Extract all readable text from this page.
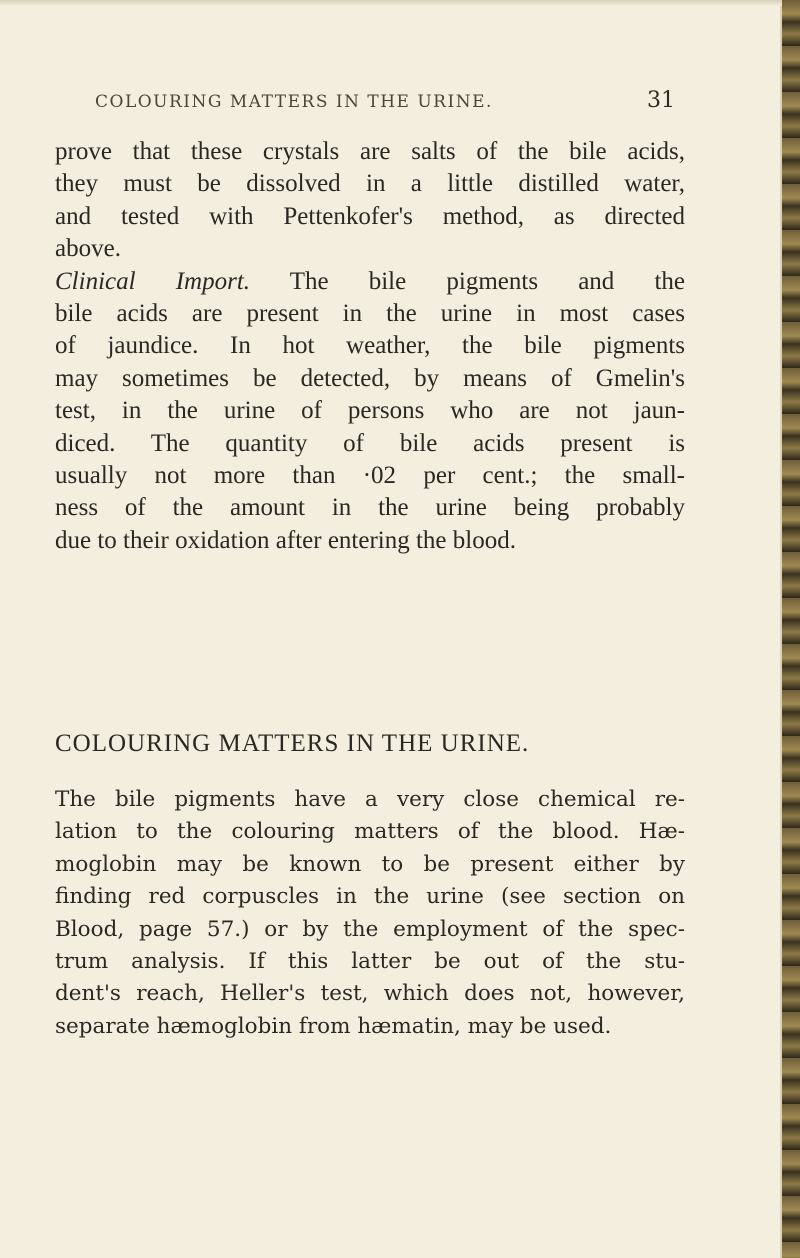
COLOURING MATTERS IN THE URINE.	31
prove that these crystals are salts of the bile acids,
they must be dissolved in a little distilled water,
and tested with Pettenkofer's method, as directed
above.
Clinical Import. The bile pigments and the
bile acids are present in the urine in most cases
of jaundice. In hot weather, the bile pigments
may sometimes be detected, by means of Gmelin's
test, in the urine of persons who are not jaun-
diced. The quantity of bile acids present is
usually not more than ·02 per cent.; the small-
ness of the amount in the urine being probably
due to their oxidation after entering the blood.
COLOURING MATTERS IN THE URINE.
The bile pigments have a very close chemical re-
lation to the colouring matters of the blood. Hæ-
moglobin may be known to be present either by
finding red corpuscles in the urine (see section on
Blood, page 57.) or by the employment of the spec-
trum analysis. If this latter be out of the stu-
dent's reach, Heller's test, which does not, however,
separate hæmoglobin from hæmatin, may be used.
